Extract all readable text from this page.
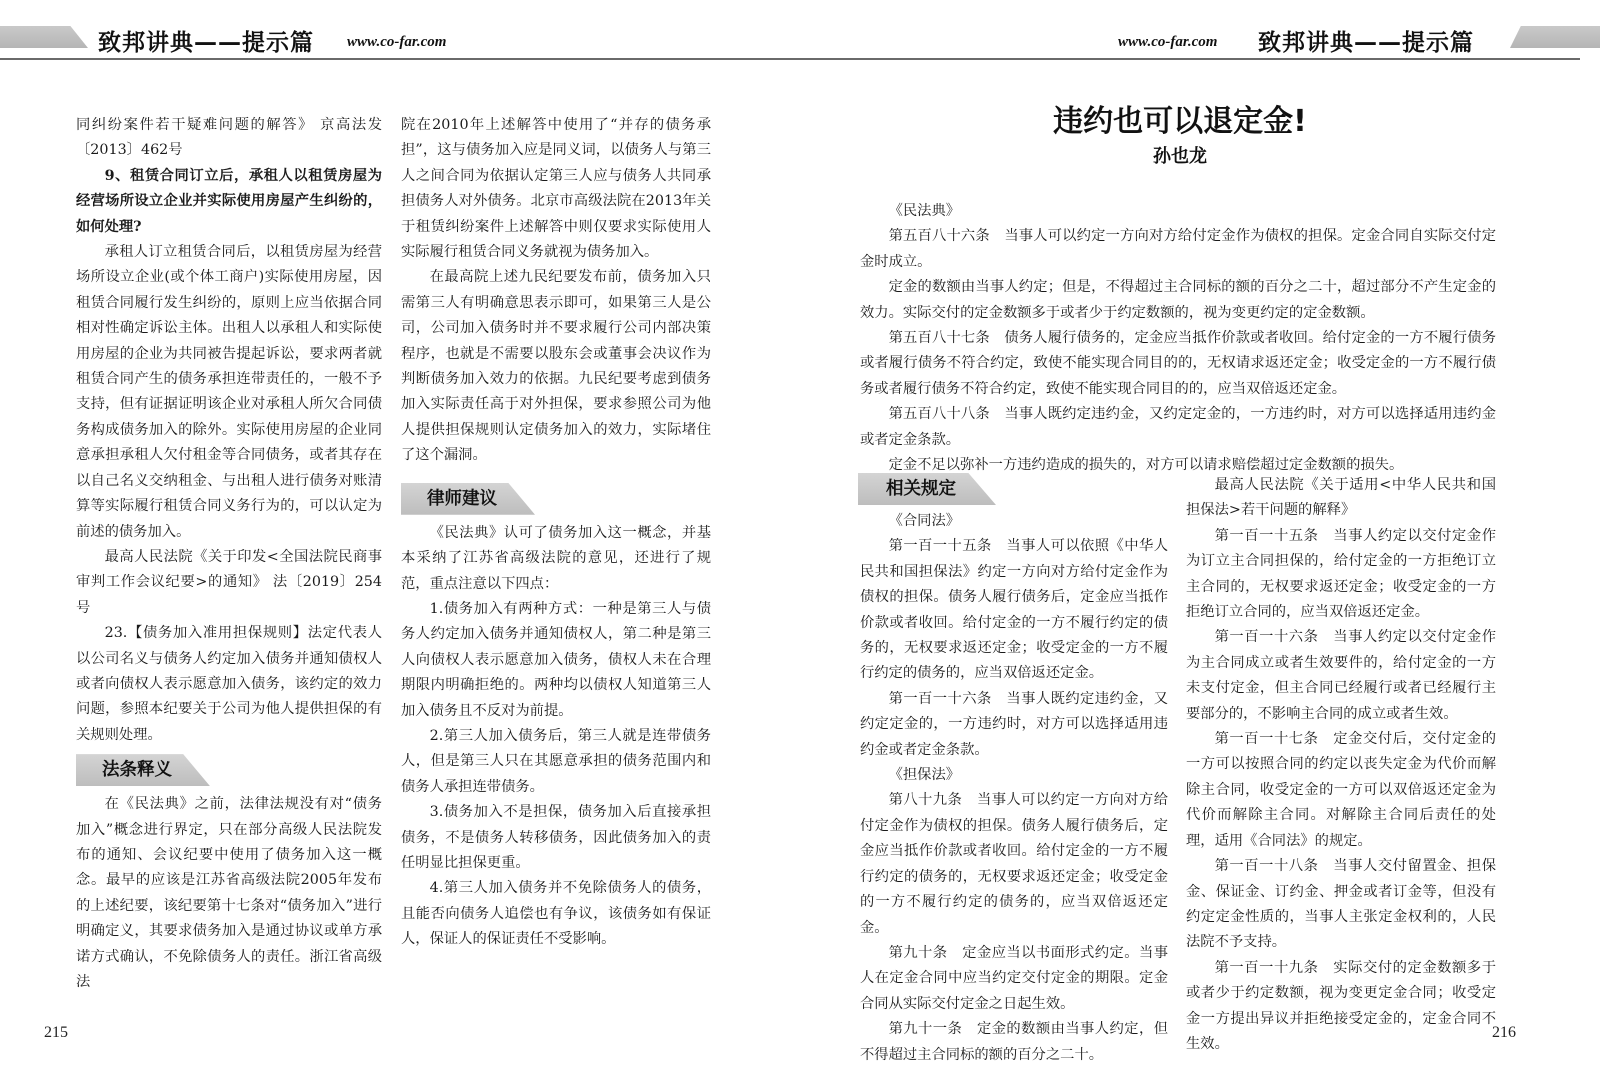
致邦讲典——提示篇 www.co-far.com	www.co-far.com 致邦讲典——提示篇

同纠纷案件若干疑难问题的解答》 京高法发〔2013〕462号

9、租赁合同订立后，承租人以租赁房屋为经营场所设立企业并实际使用房屋产生纠纷的，如何处理?

承租人订立租赁合同后，以租赁房屋为经营场所设立企业(或个体工商户)实际使用房屋，因租赁合同履行发生纠纷的，原则上应当依据合同相对性确定诉讼主体。出租人以承租人和实际使用房屋的企业为共同被告提起诉讼，要求两者就租赁合同产生的债务承担连带责任的，一般不予支持，但有证据证明该企业对承租人所欠合同债务构成债务加入的除外。实际使用房屋的企业同意承担承租人欠付租金等合同债务，或者其存在以自己名义交纳租金、与出租人进行债务对账清算等实际履行租赁合同义务行为的，可以认定为前述的债务加入。

最高人民法院《关于印发<全国法院民商事审判工作会议纪要>的通知》 法〔2019〕254号

23.【债务加入准用担保规则】法定代表人以公司名义与债务人约定加入债务并通知债权人或者向债权人表示愿意加入债务，该约定的效力问题，参照本纪要关于公司为他人提供担保的有关规则处理。

法条释义

在《民法典》之前，法律法规没有对“债务加入”概念进行界定，只在部分高级人民法院发布的通知、会议纪要中使用了债务加入这一概念。最早的应该是江苏省高级法院2005年发布的上述纪要，该纪要第十七条对“债务加入”进行明确定义，其要求债务加入是通过协议或单方承诺方式确认，不免除债务人的责任。浙江省高级法

院在2010年上述解答中使用了“并存的债务承担”，这与债务加入应是同义词，以债务人与第三人之间合同为依据认定第三人应与债务人共同承担债务人对外债务。北京市高级法院在2013年关于租赁纠纷案件上述解答中则仅要求实际使用人实际履行租赁合同义务就视为债务加入。

在最高院上述九民纪要发布前，债务加入只需第三人有明确意思表示即可，如果第三人是公司，公司加入债务时并不要求履行公司内部决策程序，也就是不需要以股东会或董事会决议作为判断债务加入效力的依据。九民纪要考虑到债务加入实际责任高于对外担保，要求参照公司为他人提供担保规则认定债务加入的效力，实际堵住了这个漏洞。

律师建议

《民法典》认可了债务加入这一概念，并基本采纳了江苏省高级法院的意见，还进行了规范，重点注意以下四点：

1.债务加入有两种方式：一种是第三人与债务人约定加入债务并通知债权人，第二种是第三人向债权人表示愿意加入债务，债权人未在合理期限内明确拒绝的。两种均以债权人知道第三人加入债务且不反对为前提。

2.第三人加入债务后，第三人就是连带债务人，但是第三人只在其愿意承担的债务范围内和债务人承担连带债务。

3.债务加入不是担保，债务加入后直接承担债务，不是债务人转移债务，因此债务加入的责任明显比担保更重。

4.第三人加入债务并不免除债务人的债务，且能否向债务人追偿也有争议，该债务如有保证人，保证人的保证责任不受影响。

215
违约也可以退定金!
孙也龙

《民法典》

第五百八十六条　当事人可以约定一方向对方给付定金作为债权的担保。定金合同自实际交付定金时成立。

定金的数额由当事人约定；但是，不得超过主合同标的额的百分之二十，超过部分不产生定金的效力。实际交付的定金数额多于或者少于约定数额的，视为变更约定的定金数额。

第五百八十七条　债务人履行债务的，定金应当抵作价款或者收回。给付定金的一方不履行债务或者履行债务不符合约定，致使不能实现合同目的的，无权请求返还定金；收受定金的一方不履行债务或者履行债务不符合约定，致使不能实现合同目的的，应当双倍返还定金。

第五百八十八条　当事人既约定违约金，又约定定金的，一方违约时，对方可以选择适用违约金或者定金条款。

定金不足以弥补一方违约造成的损失的，对方可以请求赔偿超过定金数额的损失。

相关规定

《合同法》

第一百一十五条　当事人可以依照《中华人民共和国担保法》约定一方向对方给付定金作为债权的担保。债务人履行债务后，定金应当抵作价款或者收回。给付定金的一方不履行约定的债务的，无权要求返还定金；收受定金的一方不履行约定的债务的，应当双倍返还定金。

第一百一十六条　当事人既约定违约金，又约定定金的，一方违约时，对方可以选择适用违约金或者定金条款。

《担保法》

第八十九条　当事人可以约定一方向对方给付定金作为债权的担保。债务人履行债务后，定金应当抵作价款或者收回。给付定金的一方不履行约定的债务的，无权要求返还定金；收受定金的一方不履行约定的债务的，应当双倍返还定金。

第九十条　定金应当以书面形式约定。当事人在定金合同中应当约定交付定金的期限。定金合同从实际交付定金之日起生效。

第九十一条　定金的数额由当事人约定，但不得超过主合同标的额的百分之二十。

最高人民法院《关于适用<中华人民共和国担保法>若干问题的解释》

第一百一十五条　当事人约定以交付定金作为订立主合同担保的，给付定金的一方拒绝订立主合同的，无权要求返还定金；收受定金的一方拒绝订立合同的，应当双倍返还定金。

第一百一十六条　当事人约定以交付定金作为主合同成立或者生效要件的，给付定金的一方未支付定金，但主合同已经履行或者已经履行主要部分的，不影响主合同的成立或者生效。

第一百一十七条　定金交付后，交付定金的一方可以按照合同的约定以丧失定金为代价而解除主合同，收受定金的一方可以双倍返还定金为代价而解除主合同。对解除主合同后责任的处理，适用《合同法》的规定。

第一百一十八条　当事人交付留置金、担保金、保证金、订约金、押金或者订金等，但没有约定定金性质的，当事人主张定金权利的，人民法院不予支持。

第一百一十九条　实际交付的定金数额多于或者少于约定数额，视为变更定金合同；收受定金一方提出异议并拒绝接受定金的，定金合同不生效。

216
